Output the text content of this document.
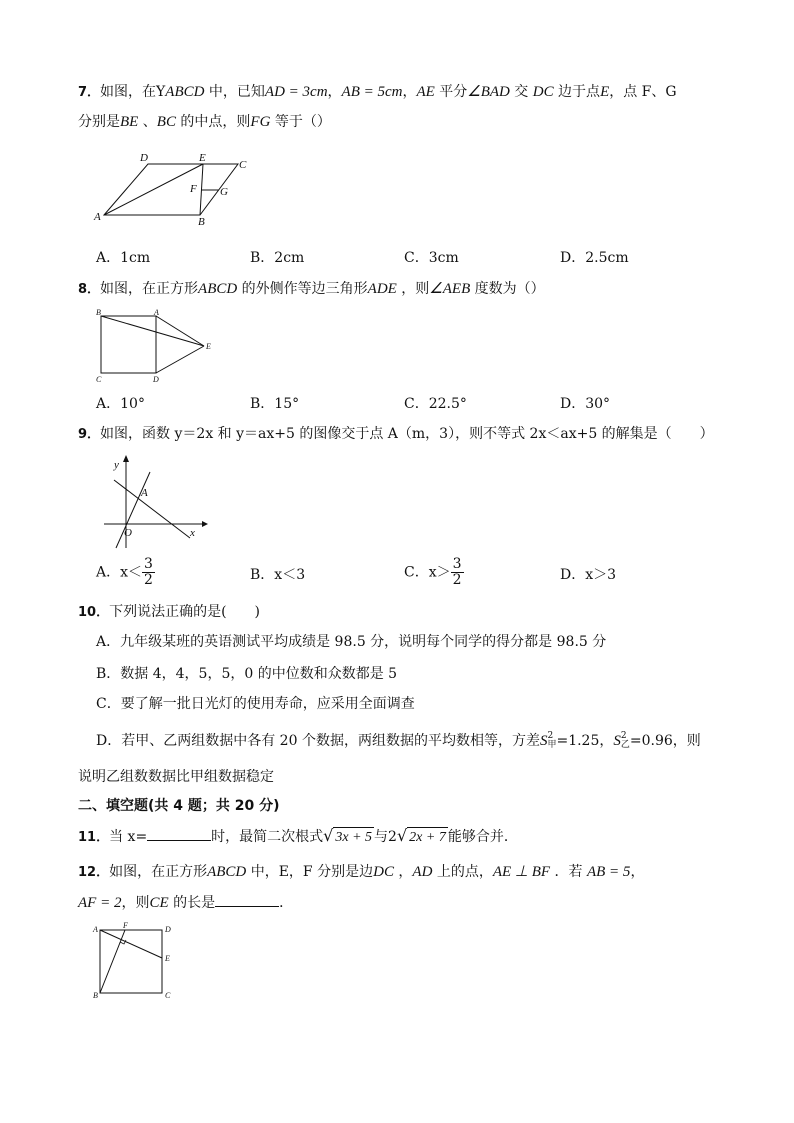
7．如图，在YABCD 中，已知AD = 3cm，AB = 5cm，AE 平分∠BAD 交 DC 边于点E，点 F、G
分别是BE 、BC 的中点，则FG 等于（）
D	E
C
F G
A	B
A．1cm	B．2cm	C．3cm	D．2.5cm
8．如图，在正方形ABCD 的外侧作等边三角形ADE ，则∠AEB 度数为（）
B	A
E
C	D
A．10°	B．15°	C．22.5°	D．30°
9．如图，函数 y＝2x 和 y＝ax+5 的图像交于点 A（m，3），则不等式 2x＜ax+5 的解集是（　　）
y
x
O
A
A．$x< \frac{3}{2}$	B．x＜3	C．$x> \frac{3}{2}$	D．x＞3
10．下列说法正确的是(　　)
A．九年级某班的英语测试平均成绩是 98.5 分，说明每个同学的得分都是 98.5 分
B．数据 4，4，5，5，0 的中位数和众数都是 5
C．要了解一批日光灯的使用寿命，应采用全面调查
D．若甲、乙两组数据中各有 20 个数据，两组数据的平均数相等，方差S 2
甲 =1.25，S 2
乙 =0.96，则
说明乙组数数据比甲组数据稳定
二、填空题(共 4 题；共 20 分)
11．当 x=	时，最简二次根式√ 3x + 5 与2√ 2x + 7 能够合并．
12．如图，在正方形ABCD 中，E，F 分别是边DC ，AD 上的点，AE ⊥ BF ．若 AB = 5，
AF = 2，则CE 的长是	．
A	F	D
E
B	C
